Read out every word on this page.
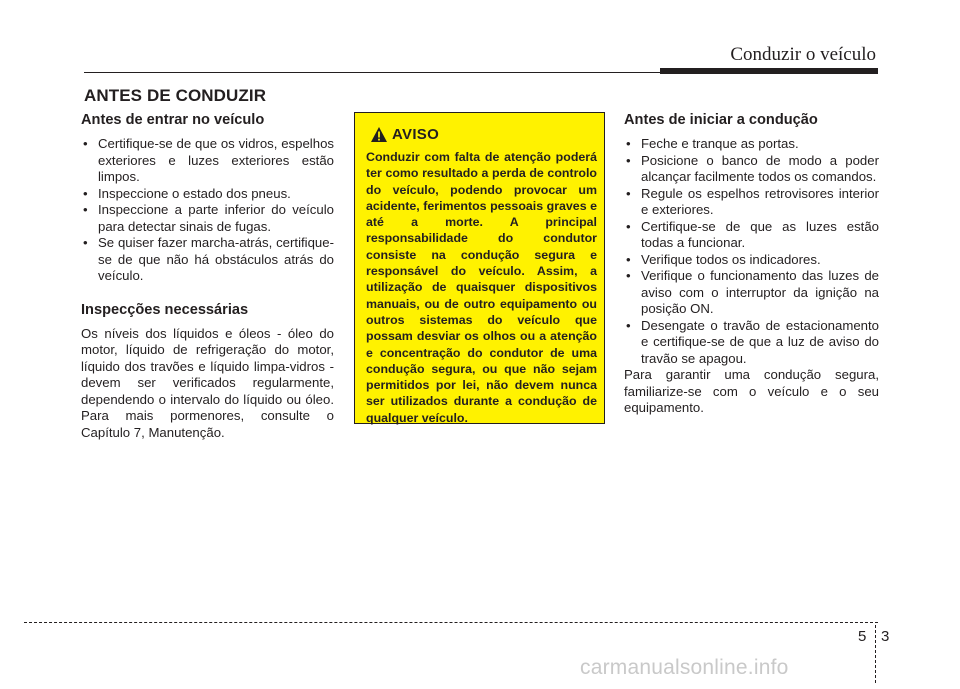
Conduzir o veículo
ANTES DE CONDUZIR
Antes de entrar no veículo
• Certifique-se de que os vidros, espelhos exteriores e luzes exteriores estão limpos.
• Inspeccione o estado dos pneus.
• Inspeccione a parte inferior do veículo para detectar sinais de fugas.
• Se quiser fazer marcha-atrás, certifique-se de que não há obstáculos atrás do veículo.
Inspecções necessárias

Os níveis dos líquidos e óleos - óleo do motor, líquido de refrigeração do motor, líquido dos travões e líquido limpa-vidros - devem ser verificados regularmente, dependendo o intervalo do líquido ou óleo. Para mais pormenores, consulte o Capítulo 7, Manutenção.

AVISO

Conduzir com falta de atenção poderá ter como resultado a perda de controlo do veículo, podendo provocar um acidente, ferimentos pessoais graves e até a morte. A principal responsabilidade do condutor consiste na condução segura e responsável do veículo. Assim, a utilização de quaisquer dispositivos manuais, ou de outro equipamento ou outros sistemas do veículo que possam desviar os olhos ou a atenção e concentração do condutor de uma condução segura, ou que não sejam permitidos por lei, não devem nunca ser utilizados durante a condução de qualquer veículo.

Antes de iniciar a condução
• Feche e tranque as portas.
• Posicione o banco de modo a poder alcançar facilmente todos os comandos.
• Regule os espelhos retrovisores interior e exteriores.
• Certifique-se de que as luzes estão todas a funcionar.
• Verifique todos os indicadores.
• Verifique o funcionamento das luzes de aviso com o interruptor da ignição na posição ON.
• Desengate o travão de estacionamento e certifique-se de que a luz de aviso do travão se apagou.

Para garantir uma condução segura, familiarize-se com o veículo e o seu equipamento.

5 3
carmanualsonline.info
